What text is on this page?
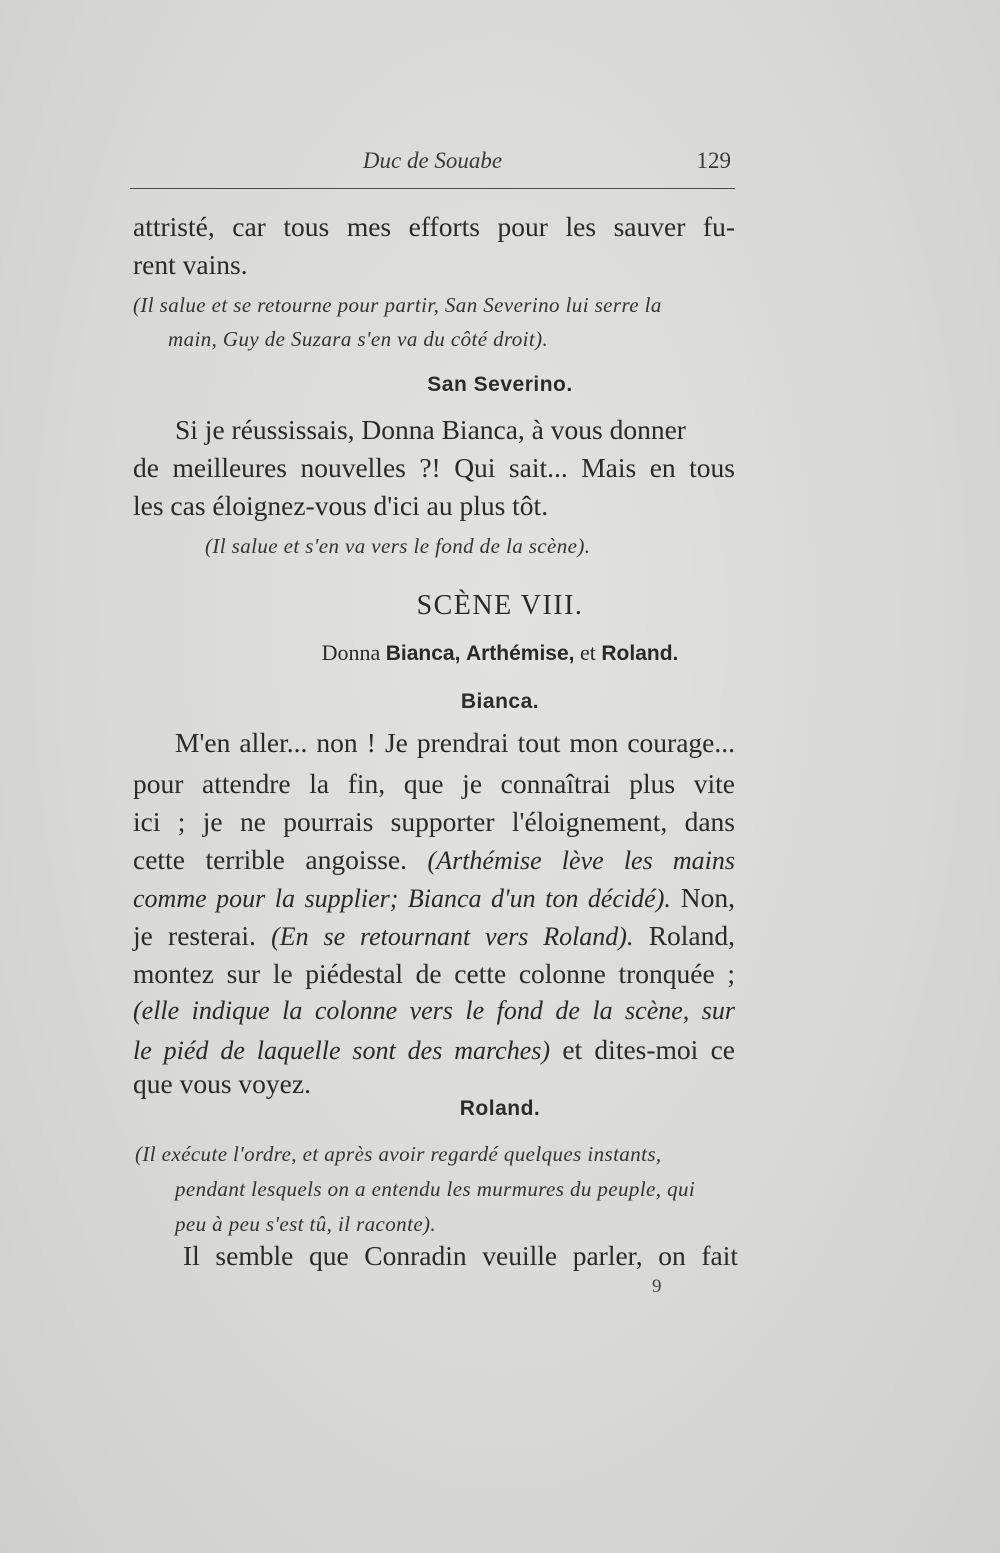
Duc de Souabe	129
attristé, car tous mes efforts pour les sauver fu-
rent vains.
(Il salue et se retourne pour partir, San Severino lui serre la
main, Guy de Suzara s'en va du côté droit).
San Severino.
Si je réussissais, Donna Bianca, à vous donner
de meilleures nouvelles ?! Qui sait... Mais en tous
les cas éloignez-vous d'ici au plus tôt.
(Il salue et s'en va vers le fond de la scène).
SCÈNE VIII.
Donna Bianca, Arthémise, et Roland.
Bianca.
M'en aller... non ! Je prendrai tout mon courage...
pour attendre la fin, que je connaîtrai plus vite
ici ; je ne pourrais supporter l'éloignement, dans
cette terrible angoisse. (Arthémise lève les mains
comme pour la supplier; Bianca d'un ton décidé). Non,
je resterai. (En se retournant vers Roland). Roland,
montez sur le piédestal de cette colonne tronquée ;
(elle indique la colonne vers le fond de la scène, sur
le piéd de laquelle sont des marches) et dites-moi ce
que vous voyez.
Roland.
(Il exécute l'ordre, et après avoir regardé quelques instants,
pendant lesquels on a entendu les murmures du peuple, qui
peu à peu s'est tû, il raconte).
Il semble que Conradin veuille parler, on fait
9
